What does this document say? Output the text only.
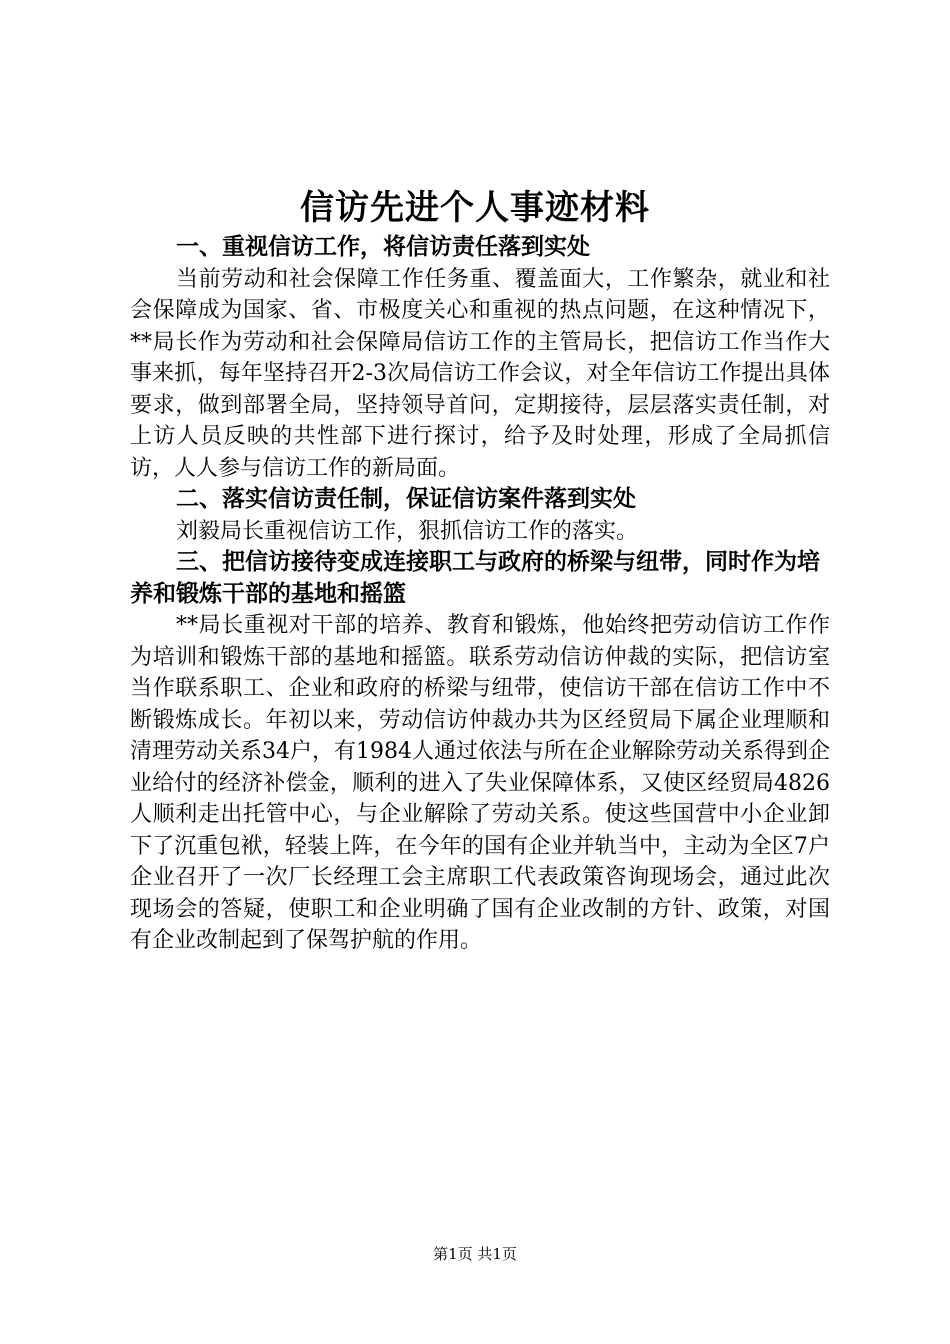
信访先进个人事迹材料

一、重视信访工作，将信访责任落到实处

当前劳动和社会保障工作任务重、覆盖面大，工作繁杂，就业和社会保障成为国家、省、市极度关心和重视的热点问题，在这种情况下，**局长作为劳动和社会保障局信访工作的主管局长，把信访工作当作大事来抓，每年坚持召开2-3次局信访工作会议，对全年信访工作提出具体要求，做到部署全局，坚持领导首问，定期接待，层层落实责任制，对上访人员反映的共性部下进行探讨，给予及时处理，形成了全局抓信访，人人参与信访工作的新局面。

二、落实信访责任制，保证信访案件落到实处

刘毅局长重视信访工作，狠抓信访工作的落实。

三、把信访接待变成连接职工与政府的桥梁与纽带，同时作为培养和锻炼干部的基地和摇篮

**局长重视对干部的培养、教育和锻炼，他始终把劳动信访工作作为培训和锻炼干部的基地和摇篮。联系劳动信访仲裁的实际，把信访室当作联系职工、企业和政府的桥梁与纽带，使信访干部在信访工作中不断锻炼成长。年初以来，劳动信访仲裁办共为区经贸局下属企业理顺和清理劳动关系34户，有1984人通过依法与所在企业解除劳动关系得到企业给付的经济补偿金，顺利的进入了失业保障体系，又使区经贸局4826人顺利走出托管中心，与企业解除了劳动关系。使这些国营中小企业卸下了沉重包袱，轻装上阵，在今年的国有企业并轨当中，主动为全区7户企业召开了一次厂长经理工会主席职工代表政策咨询现场会，通过此次现场会的答疑，使职工和企业明确了国有企业改制的方针、政策，对国有企业改制起到了保驾护航的作用。

第1页 共1页
